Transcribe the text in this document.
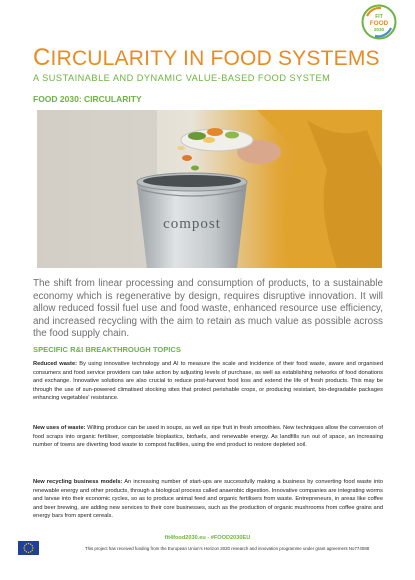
FIT
FOOD
2030
CIRCULARITY IN FOOD SYSTEMS
A SUSTAINABLE AND DYNAMIC VALUE-BASED FOOD SYSTEM
FOOD 2030: CIRCULARITY
compost

The shift from linear processing and consumption of products, to a sustainable economy which is regenerative by design, requires disruptive innovation. It will allow reduced fossil fuel use and food waste, enhanced resource use efficiency, and increased recycling with the aim to retain as much value as possible across the food supply chain.

SPECIFIC R&I BREAKTHROUGH TOPICS

Reduced waste: By using innovative technology and AI to measure the scale and incidence of their food waste, aware and organised consumers and food service providers can take action by adjusting levels of purchase, as well as establishing networks of food donations and exchange. Innovative solutions are also crucial to reduce post-harvest food loss and extend the life of fresh products. This may be through the use of sun-powered climatised stocking sites that protect perishable crops, or producing resistant, bio-degradable packages enhancing vegetables' resistance.

New uses of waste: Wilting produce can be used in soups, as well as ripe fruit in fresh smoothies. New techniques allow the conversion of food scraps into organic fertiliser, compostable bioplastics, biofuels, and renewable energy. As landfills run out of space, an increasing number of towns are diverting food waste to compost facilities, using the end product to restore depleted soil.

New recycling business models: An increasing number of start-ups are successfully making a business by converting food waste into renewable energy and other products, through a biological process called anaerobic digestion. Innovative companies are integrating worms and larvae into their economic cycles, so as to produce animal feed and organic fertilisers from waste. Entrepreneurs, in areas like coffee and beer brewing, are adding new services to their core businesses, such as the production of organic mushrooms from coffee grains and energy bars from spent cereals.

fit4food2030.eu - #FOOD2030EU
This project has received funding from the European Union's Horizon 2020 research and innovation programme under grant agreement No774088
